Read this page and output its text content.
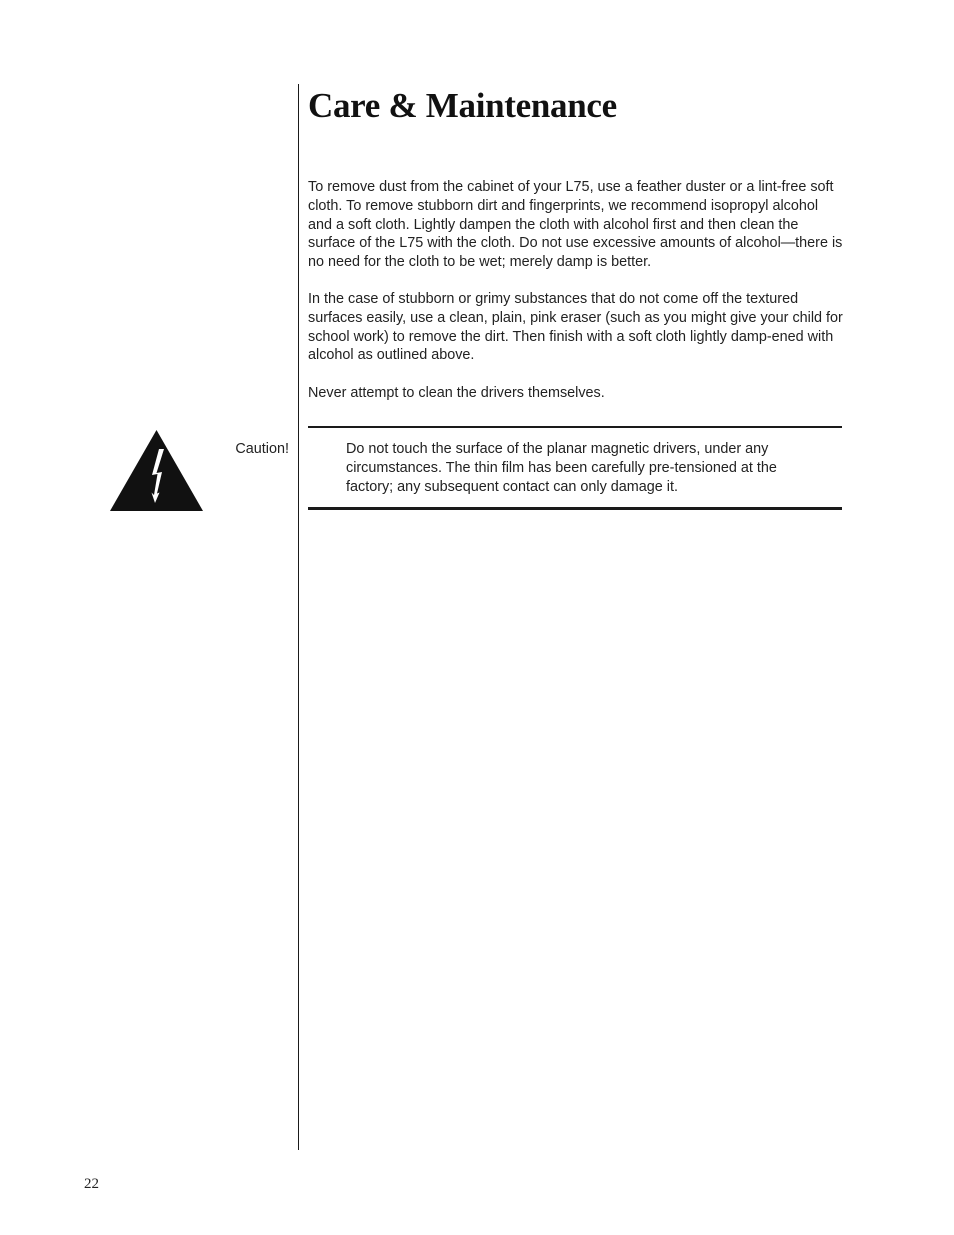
Care & Maintenance

To remove dust from the cabinet of your L75, use a feather duster or a lint-free soft cloth. To remove stubborn dirt and fingerprints, we recommend isopropyl alcohol and a soft cloth. Lightly dampen the cloth with alcohol first and then clean the surface of the L75 with the cloth. Do not use excessive amounts of alcohol—there is no need for the cloth to be wet; merely damp is better.

In the case of stubborn or grimy substances that do not come off the textured surfaces easily, use a clean, plain, pink eraser (such as you might give your child for school work) to remove the dirt. Then finish with a soft cloth lightly damp-ened with alcohol as outlined above.

Never attempt to clean the drivers themselves.

Caution!	Do not touch the surface of the planar magnetic drivers, under any circumstances. The thin film has been carefully pre-tensioned at the factory; any subsequent contact can only damage it.

22
